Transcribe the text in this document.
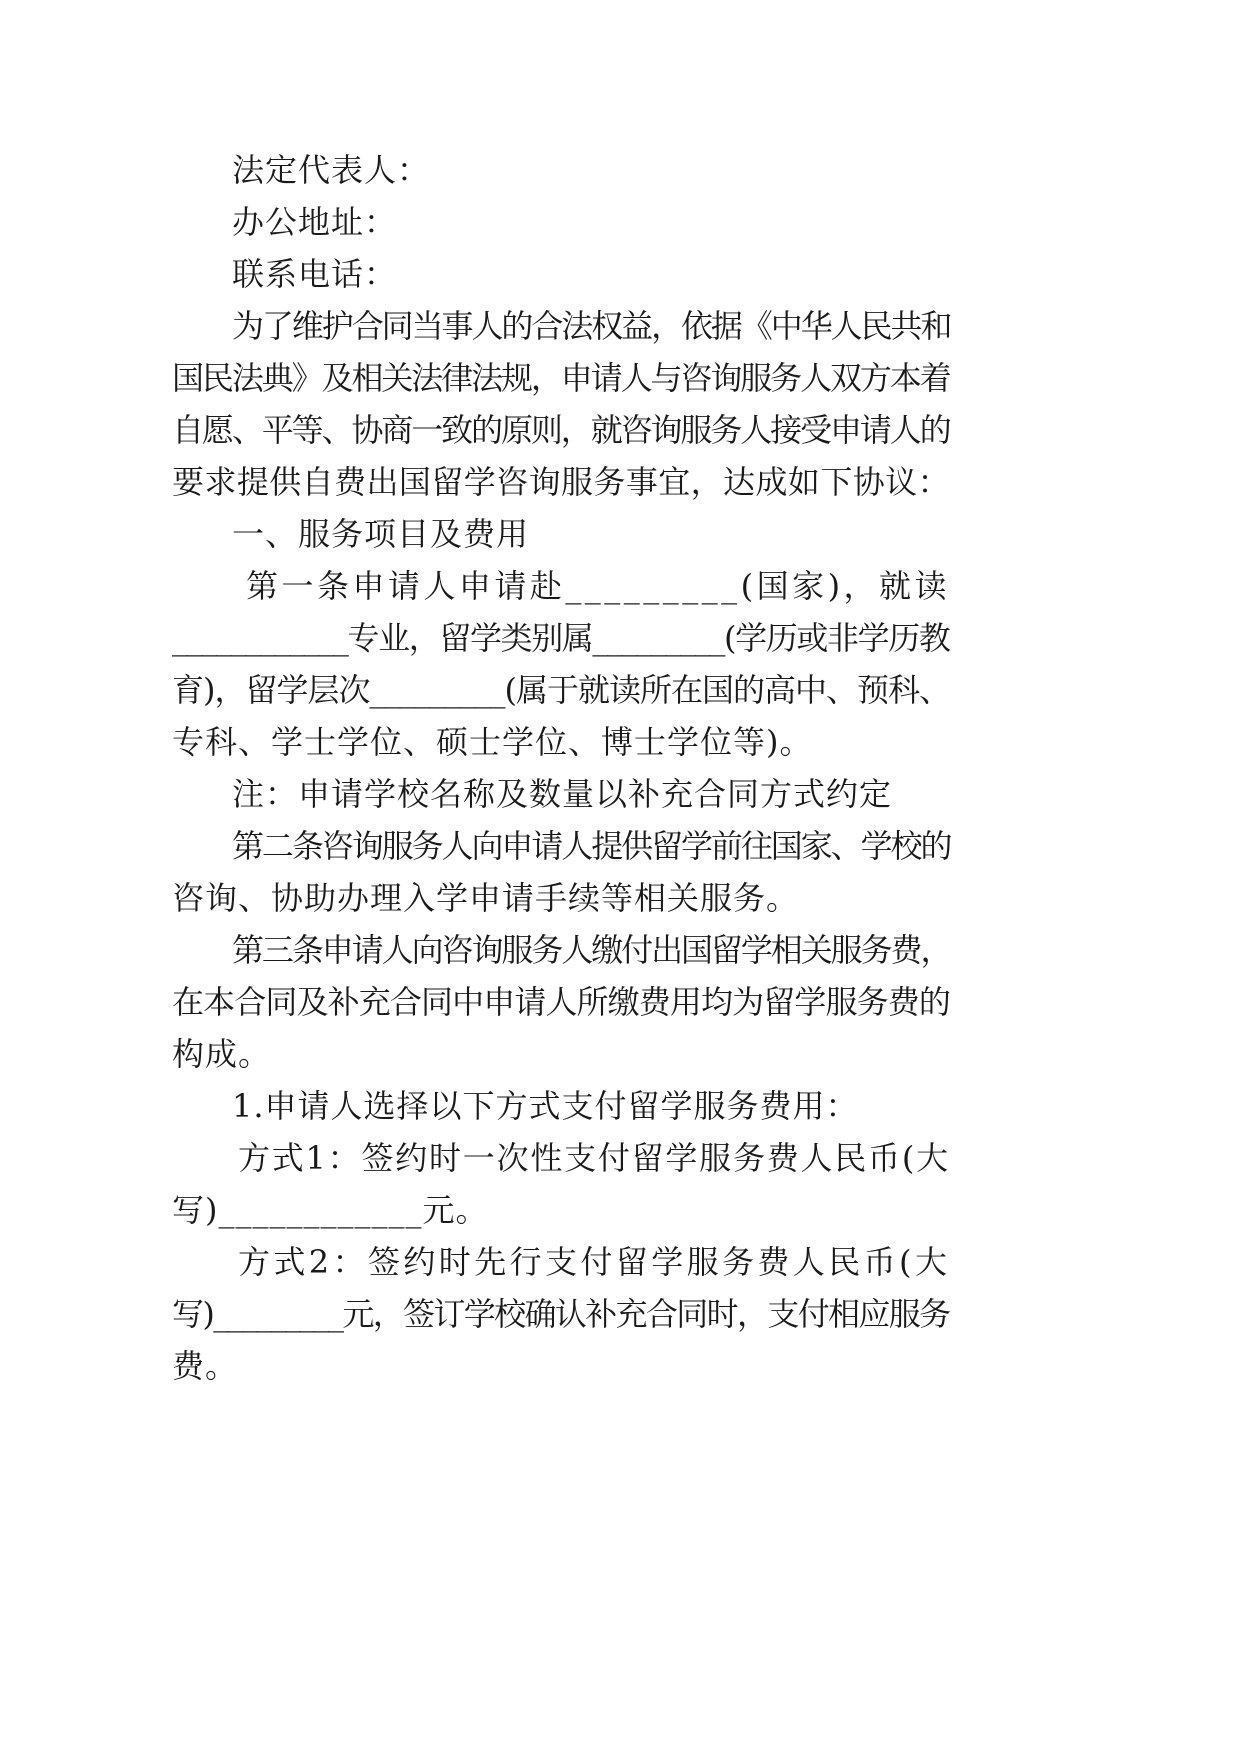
法定代表人：
办公地址：
联系电话：
为了维护合同当事人的合法权益，依据《中华人民共和
国民法典》及相关法律法规，申请人与咨询服务人双方本着
自愿、平等、协商一致的原则，就咨询服务人接受申请人的
要求提供自费出国留学咨询服务事宜，达成如下协议：
一、服务项目及费用
第一条申请人申请赴_________(国家)，就读
____________专业，留学类别属_________(学历或非学历教
育)，留学层次_________(属于就读所在国的高中、预科、
专科、学士学位、硕士学位、博士学位等)。
注：申请学校名称及数量以补充合同方式约定
第二条咨询服务人向申请人提供留学前往国家、学校的
咨询、协助办理入学申请手续等相关服务。
第三条申请人向咨询服务人缴付出国留学相关服务费，
在本合同及补充合同中申请人所缴费用均为留学服务费的
构成。
1.申请人选择以下方式支付留学服务费用：
方式1：签约时一次性支付留学服务费人民币(大
写)____________元。
方式2：签约时先行支付留学服务费人民币(大
写)_________元，签订学校确认补充合同时，支付相应服务
费。
